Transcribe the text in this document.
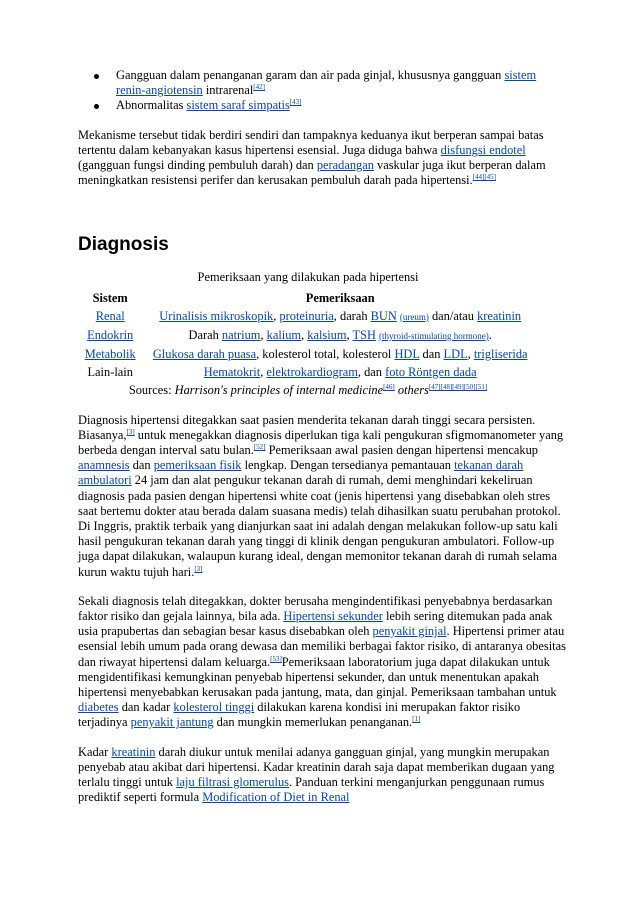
Gangguan dalam penanganan garam dan air pada ginjal, khususnya gangguan sistem renin-angiotensin intrarenal[42]
Abnormalitas sistem saraf simpatis[43]

Mekanisme tersebut tidak berdiri sendiri dan tampaknya keduanya ikut berperan sampai batas tertentu dalam kebanyakan kasus hipertensi esensial. Juga diduga bahwa disfungsi endotel (gangguan fungsi dinding pembuluh darah) dan peradangan vaskular juga ikut berperan dalam meningkatkan resistensi perifer dan kerusakan pembuluh darah pada hipertensi.[44][45]

Diagnosis
Pemeriksaan yang dilakukan pada hipertensi
Sistem	Pemeriksaan
Renal	Urinalisis mikroskopik, proteinuria, darah BUN (ureum) dan/atau kreatinin
Endokrin	Darah natrium, kalium, kalsium, TSH (thyroid-stimulating hormone).
Metabolik	Glukosa darah puasa, kolesterol total, kolesterol HDL dan LDL, trigliserida
Lain-lain	Hematokrit, elektrokardiogram, dan foto Röntgen dada
Sources: Harrison's principles of internal medicine[46] others[47][48][49][50][51]

Diagnosis hipertensi ditegakkan saat pasien menderita tekanan darah tinggi secara persisten. Biasanya,[3] untuk menegakkan diagnosis diperlukan tiga kali pengukuran sfigmomanometer yang berbeda dengan interval satu bulan.[52] Pemeriksaan awal pasien dengan hipertensi mencakup anamnesis dan pemeriksaan fisik lengkap. Dengan tersedianya pemantauan tekanan darah ambulatori 24 jam dan alat pengukur tekanan darah di rumah, demi menghindari kekeliruan diagnosis pada pasien dengan hipertensi white coat (jenis hipertensi yang disebabkan oleh stres saat bertemu dokter atau berada dalam suasana medis) telah dihasilkan suatu perubahan protokol. Di Inggris, praktik terbaik yang dianjurkan saat ini adalah dengan melakukan follow-up satu kali hasil pengukuran tekanan darah yang tinggi di klinik dengan pengukuran ambulatori. Follow-up juga dapat dilakukan, walaupun kurang ideal, dengan memonitor tekanan darah di rumah selama kurun waktu tujuh hari.[3]

Sekali diagnosis telah ditegakkan, dokter berusaha mengindentifikasi penyebabnya berdasarkan faktor risiko dan gejala lainnya, bila ada. Hipertensi sekunder lebih sering ditemukan pada anak usia prapubertas dan sebagian besar kasus disebabkan oleh penyakit ginjal. Hipertensi primer atau esensial lebih umum pada orang dewasa dan memiliki berbagai faktor risiko, di antaranya obesitas dan riwayat hipertensi dalam keluarga.[53]Pemeriksaan laboratorium juga dapat dilakukan untuk mengidentifikasi kemungkinan penyebab hipertensi sekunder, dan untuk menentukan apakah hipertensi menyebabkan kerusakan pada jantung, mata, dan ginjal. Pemeriksaan tambahan untuk diabetes dan kadar kolesterol tinggi dilakukan karena kondisi ini merupakan faktor risiko terjadinya penyakit jantung dan mungkin memerlukan penanganan.[1]

Kadar kreatinin darah diukur untuk menilai adanya gangguan ginjal, yang mungkin merupakan penyebab atau akibat dari hipertensi. Kadar kreatinin darah saja dapat memberikan dugaan yang terlalu tinggi untuk laju filtrasi glomerulus. Panduan terkini menganjurkan penggunaan rumus prediktif seperti formula Modification of Diet in Renal
